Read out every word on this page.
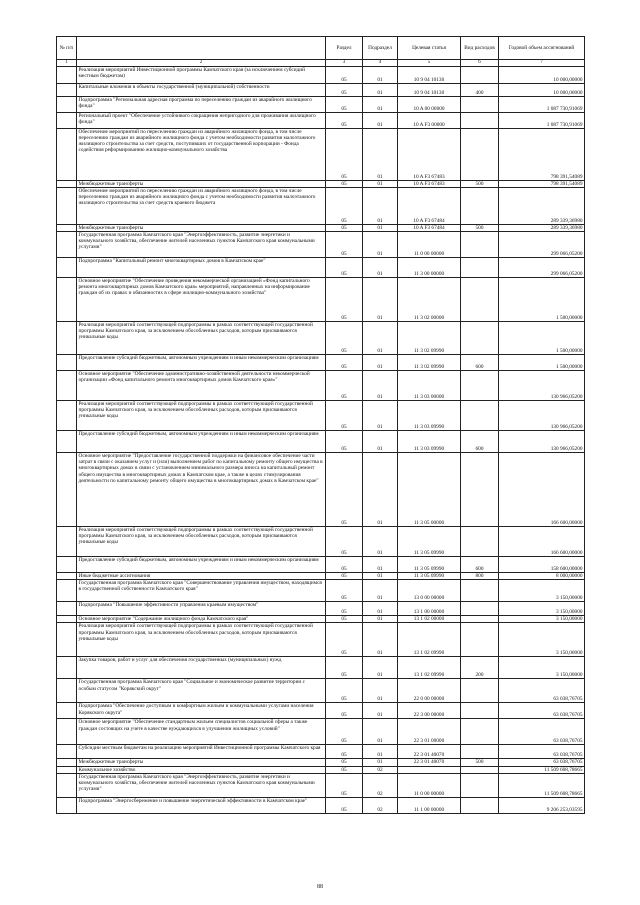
№ п/п		Раздел	Подраздел	Целевая статья	Вид расходов	Годовой объем ассигнований
1	2	3	4	5	6	7
	Реализация мероприятий Инвестиционной программы Камчатского края (за исключением субсидий местным бюджетам)	05	01	10 9 04 10130		10 000,00000
	Капитальные вложения в объекты государственной (муниципальной) собственности	05	01	10 9 04 10130	400	10 000,00000
	Подпрограмма "Региональная адресная программа по переселению граждан из аварийного жилищного фонда"	05	01	10 A 00 00000		1 087 730,91069
	Региональный проект "Обеспечение устойчивого сокращения непригодного для проживания жилищного фонда"	05	01	10 A F3 00000		1 087 730,91069
	Обеспечение мероприятий по переселению граждан из аварийного жилищного фонда, в том числе переселению граждан из аварийного жилищного фонда с учетом необходимости развития малоэтажного жилищного строительства за счет средств, поступивших от государственной корпорации - Фонда содействия реформированию жилищно-коммунального хозяйства	05	01	10 A F3 67483		798 391,54089
	Межбюджетные трансферты	05	01	10 A F3 67483	500	798 391,54089
	Обеспечение мероприятий по переселению граждан из аварийного жилищного фонда, в том числе переселению граждан из аварийного жилищного фонда с учетом необходимости развития малоэтажного жилищного строительства за счет средств краевого бюджета	05	01	10 A F3 67484		289 339,36980
	Межбюджетные трансферты	05	01	10 A F3 67484	500	289 339,36980
	Государственная программа Камчатского края "Энергоэффективность, развитие энергетики и коммунального хозяйства, обеспечение жителей населенных пунктов Камчатского края коммунальными услугами"	05	01	11 0 00 00000		299 066,05200
	Подпрограмма "Капитальный ремонт многоквартирных домов в Камчатском крае"	05	01	11 3 00 00000		299 066,05200
	Основное мероприятие "Обеспечение проведения некоммерческой организацией «Фонд капитального ремонта многоквартирных домов Камчатского края» мероприятий, направленных на информирование граждан об их правах и обязанностях в сфере жилищно-коммунального хозяйства"	05	01	11 3 02 00000		1 500,00000
	Реализация мероприятий соответствующей подпрограммы в рамках соответствующей государственной программы Камчатского края, за исключением обособленных расходов, которым присваиваются уникальные коды	05	01	11 3 02 09990		1 500,00000
	Предоставление субсидий бюджетным, автономным учреждениям и иным некоммерческим организациям	05	01	11 3 02 09990	600	1 500,00000
	Основное мероприятие "Обеспечение административно-хозяйственной деятельности некоммерческой организации «Фонд капитального ремонта многоквартирных домов Камчатского края»"	05	01	11 3 03 00000		130 966,05200
	Реализация мероприятий соответствующей подпрограммы в рамках соответствующей государственной программы Камчатского края, за исключением обособленных расходов, которым присваиваются уникальные коды	05	01	11 3 03 09990		130 966,05200
	Предоставление субсидий бюджетным, автономным учреждениям и иным некоммерческим организациям	05	01	11 3 03 09990	600	130 966,05200
	Основное мероприятие "Предоставление государственной поддержки на финансовое обеспечение части затрат в связи с оказанием услуг и (или) выполнением работ по капитальному ремонту общего имущества в многоквартирных домах в связи с установлением минимального размера взноса на капитальный ремонт общего имущества в многоквартирных домах в Камчатском крае, а также в целях стимулирования деятельности по капитальному ремонту общего имущества в многоквартирных домах в Камчатском крае"	05	01	11 3 05 00000		166 600,00000
	Реализация мероприятий соответствующей подпрограммы в рамках соответствующей государственной программы Камчатского края, за исключением обособленных расходов, которым присваиваются уникальные коды	05	01	11 3 05 09990		166 600,00000
	Предоставление субсидий бюджетным, автономным учреждениям и иным некоммерческим организациям	05	01	11 3 05 09990	600	158 600,00000
	Иные бюджетные ассигнования	05	01	11 3 05 09990	800	8 000,00000
	Государственная программа Камчатского края "Совершенствование управления имуществом, находящимся в государственной собственности Камчатского края"	05	01	13 0 00 00000		3 150,00000
	Подпрограмма "Повышение эффективности управления краевым имуществом"	05	01	13 1 00 00000		3 150,00000
	Основное мероприятие "Содержание жилищного фонда Камчатского края"	05	01	13 1 02 00000		3 150,00000
	Реализация мероприятий соответствующей подпрограммы в рамках соответствующей государственной программы Камчатского края, за исключением обособленных расходов, которым присваиваются уникальные коды	05	01	13 1 02 09990		3 150,00000
	Закупка товаров, работ и услуг для обеспечения государственных (муниципальных) нужд	05	01	13 1 02 09990	200	3 150,00000
	Государственная программа Камчатского края "Социальное и экономическое развитие территории с особым статусом "Корякский округ"	05	01	22 0 00 00000		63 038,76705
	Подпрограмма "Обеспечение доступным и комфортным жильем и коммунальными услугами населения Корякского округа"	05	01	22 3 00 00000		63 038,76705
	Основное мероприятие "Обеспечение стандартным жильем специалистов социальной сферы а также граждан состоящих на учете в качестве нуждающихся в улучшении жилищных условий"	05	01	22 3 01 00000		63 038,76705
	Субсидии местным бюджетам на реализацию мероприятий Инвестиционной программы Камчатского края	05	01	22 3 01 40070		63 038,76705
	Межбюджетные трансферты	05	01	22 3 01 40070	500	63 038,76705
	Коммунальное хозяйство	05	02			11 509 608,78665
	Государственная программа Камчатского края "Энергоэффективность, развитие энергетики и коммунального хозяйства, обеспечение жителей населенных пунктов Камчатского края коммунальными услугами"	05	02	11 0 00 00000		11 509 608,78665
	Подпрограмма "Энергосбережение и повышение энергетической эффективности в Камчатском крае"	05	02	11 1 00 00000		9 206 253,03595
88
